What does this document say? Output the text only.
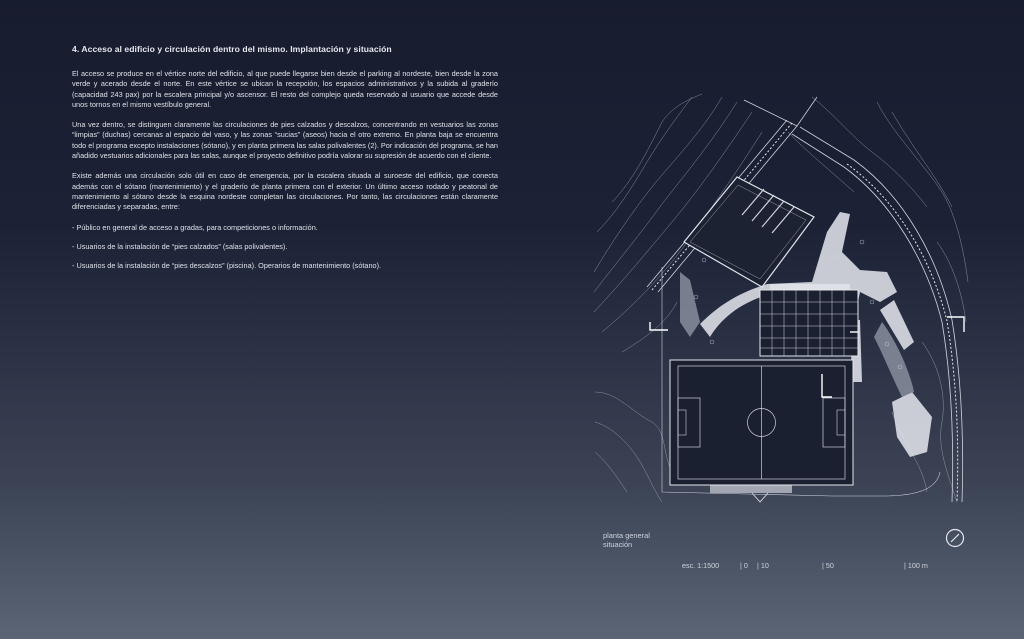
4. Acceso al edificio y circulación dentro del mismo. Implantación y situación

El acceso se produce en el vértice norte del edificio, al que puede llegarse bien desde el parking al nordeste, bien desde la zona verde y acerado desde el norte. En este vértice se ubican la recepción, los espacios administrativos y la subida al graderío (capacidad 243 pax) por la escalera principal y/o ascensor. El resto del complejo queda reservado al usuario que accede desde unos tornos en el mismo vestíbulo general.

Una vez dentro, se distinguen claramente las circulaciones de pies calzados y descalzos, concentrando en vestuarios las zonas “limpias” (duchas) cercanas al espacio del vaso, y las zonas “sucias” (aseos) hacia el otro extremo. En planta baja se encuentra todo el programa excepto instalaciones (sótano), y en planta primera las salas polivalentes (2). Por indicación del programa, se han añadido vestuarios adicionales para las salas, aunque el proyecto definitivo podría valorar su supresión de acuerdo con el cliente.

Existe además una circulación solo útil en caso de emergencia, por la escalera situada al suroeste del edificio, que conecta además con el sótano (mantenimiento) y el graderío de planta primera con el exterior. Un último acceso rodado y peatonal de mantenimiento al sótano desde la esquina nordeste completan las circulaciones. Por tanto, las circulaciones están claramente diferenciadas y separadas, entre:

- Público en general de acceso a gradas, para competiciones o información.
- Usuarios de la instalación de “pies calzados” (salas polivalentes).
- Usuarios de la instalación de “pies descalzos” (piscina). Operarios de mantenimiento (sótano).
planta general
situación
esc. 1:1500	| 0 | 10	| 50	| 100 m
